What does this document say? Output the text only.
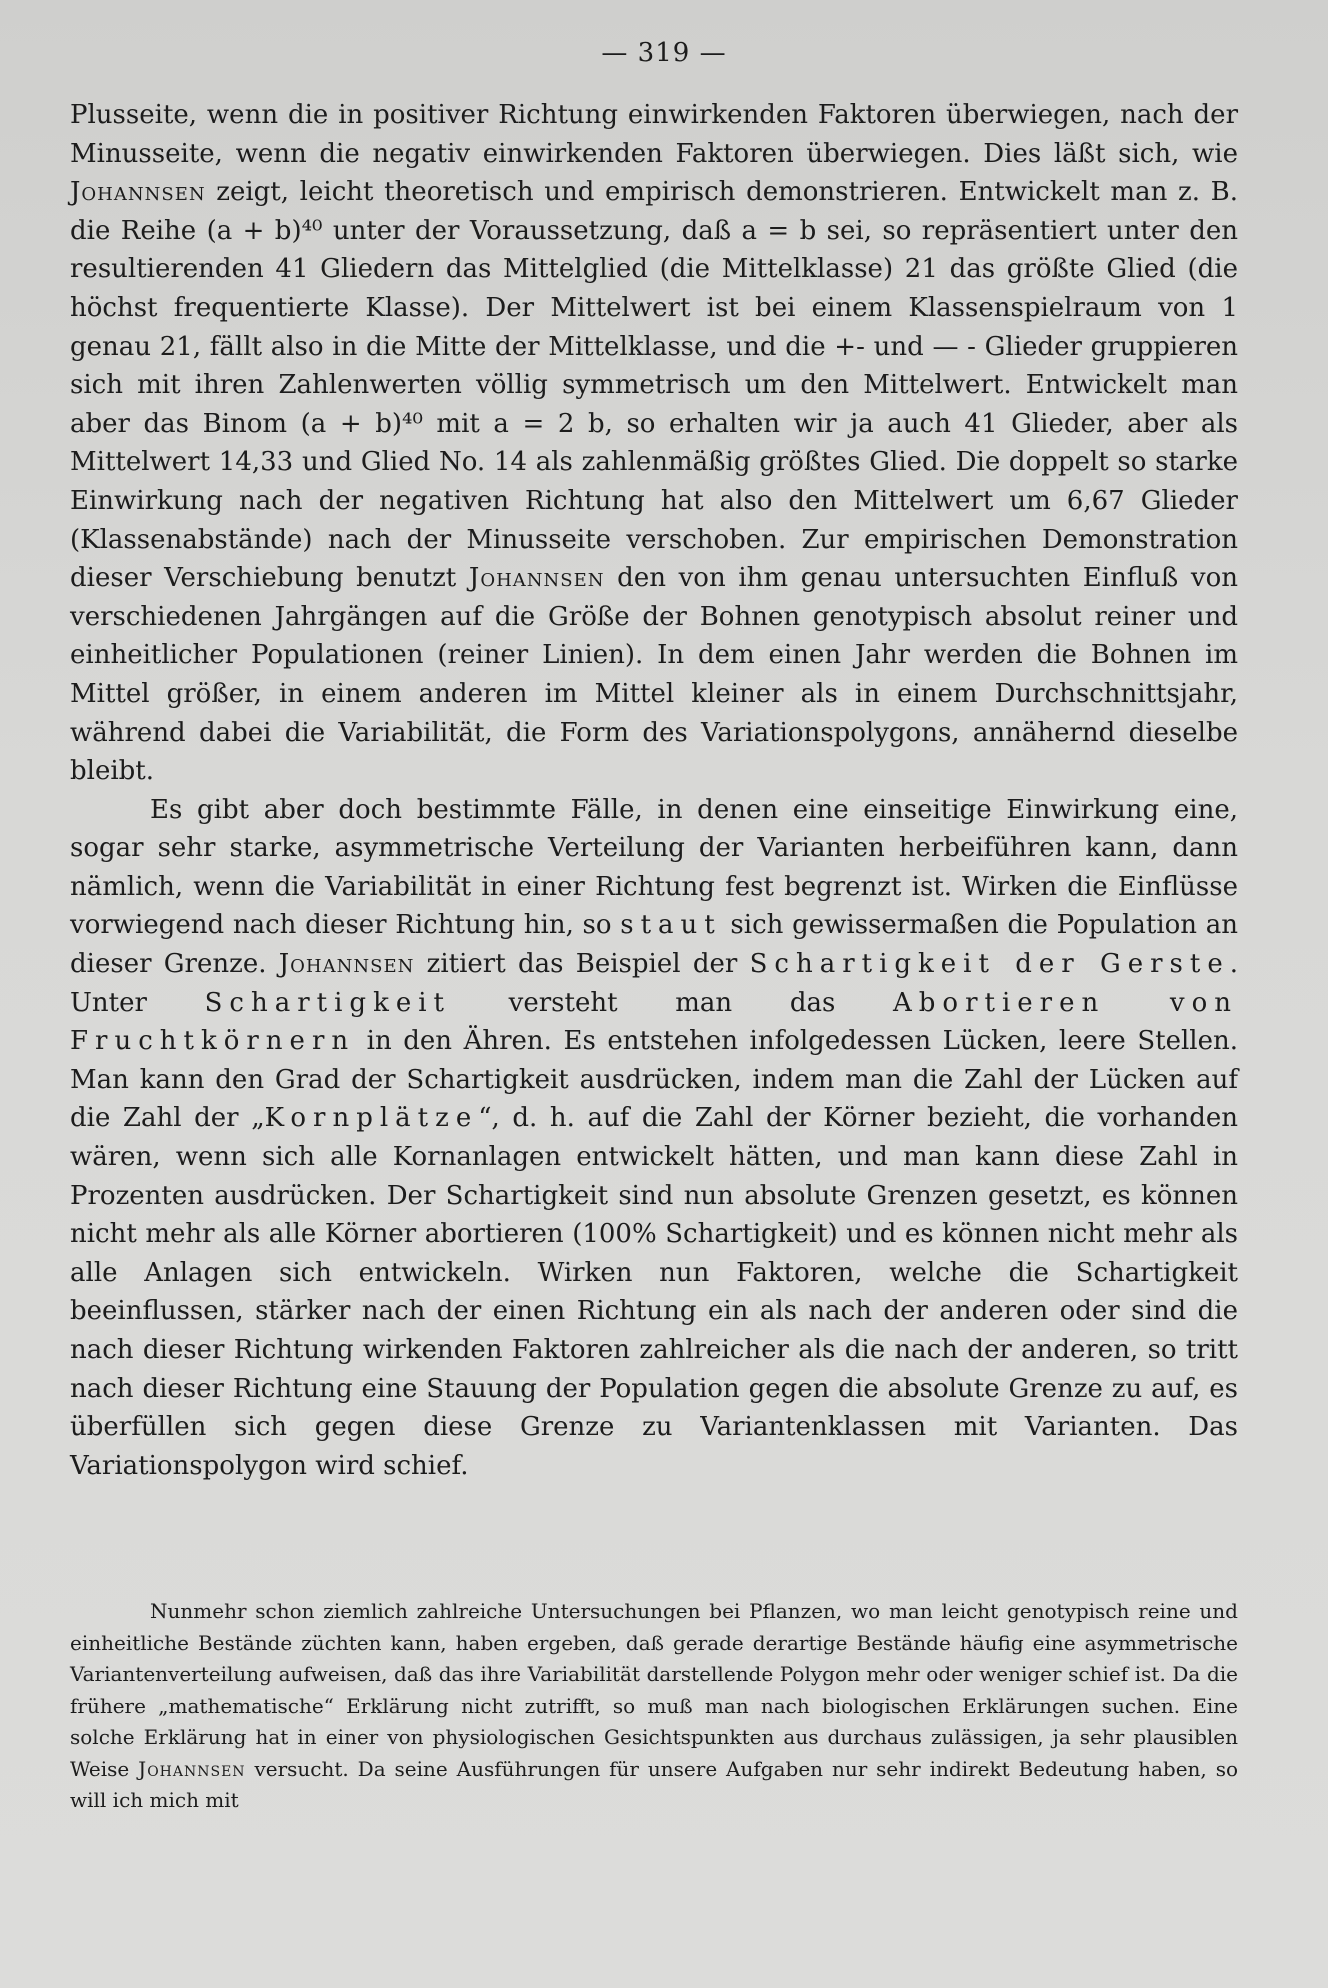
— 319 —

Plusseite, wenn die in positiver Richtung einwirkenden Faktoren überwiegen, nach der Minusseite, wenn die negativ einwirkenden Faktoren überwiegen. Dies läßt sich, wie Johannsen zeigt, leicht theoretisch und empirisch demonstrieren. Entwickelt man z. B. die Reihe (a + b)⁴⁰ unter der Voraussetzung, daß a = b sei, so repräsentiert unter den resultierenden 41 Gliedern das Mittelglied (die Mittelklasse) 21 das größte Glied (die höchst frequentierte Klasse). Der Mittelwert ist bei einem Klassenspielraum von 1 genau 21, fällt also in die Mitte der Mittelklasse, und die +- und — - Glieder gruppieren sich mit ihren Zahlenwerten völlig symmetrisch um den Mittelwert. Entwickelt man aber das Binom (a + b)⁴⁰ mit a = 2 b, so erhalten wir ja auch 41 Glieder, aber als Mittelwert 14,33 und Glied No. 14 als zahlenmäßig größtes Glied. Die doppelt so starke Einwirkung nach der negativen Richtung hat also den Mittelwert um 6,67 Glieder (Klassenabstände) nach der Minusseite verschoben. Zur empirischen Demonstration dieser Verschiebung benutzt Johannsen den von ihm genau untersuchten Einfluß von verschiedenen Jahrgängen auf die Größe der Bohnen genotypisch absolut reiner und einheitlicher Populationen (reiner Linien). In dem einen Jahr werden die Bohnen im Mittel größer, in einem anderen im Mittel kleiner als in einem Durchschnittsjahr, während dabei die Variabilität, die Form des Variationspolygons, annähernd dieselbe bleibt.

Es gibt aber doch bestimmte Fälle, in denen eine einseitige Einwirkung eine, sogar sehr starke, asymmetrische Verteilung der Varianten herbeiführen kann, dann nämlich, wenn die Variabilität in einer Richtung fest begrenzt ist. Wirken die Einflüsse vorwiegend nach dieser Richtung hin, so staut sich gewissermaßen die Population an dieser Grenze. Johannsen zitiert das Beispiel der Schartigkeit der Gerste. Unter Schartigkeit versteht man das Abortieren von Fruchtkörnern in den Ähren. Es entstehen infolgedessen Lücken, leere Stellen. Man kann den Grad der Schartigkeit ausdrücken, indem man die Zahl der Lücken auf die Zahl der „Kornplätze“, d. h. auf die Zahl der Körner bezieht, die vorhanden wären, wenn sich alle Kornanlagen entwickelt hätten, und man kann diese Zahl in Prozenten ausdrücken. Der Schartigkeit sind nun absolute Grenzen gesetzt, es können nicht mehr als alle Körner abortieren (100% Schartigkeit) und es können nicht mehr als alle Anlagen sich entwickeln. Wirken nun Faktoren, welche die Schartigkeit beeinflussen, stärker nach der einen Richtung ein als nach der anderen oder sind die nach dieser Richtung wirkenden Faktoren zahlreicher als die nach der anderen, so tritt nach dieser Richtung eine Stauung der Population gegen die absolute Grenze zu auf, es überfüllen sich gegen diese Grenze zu Variantenklassen mit Varianten. Das Variationspolygon wird schief.

Nunmehr schon ziemlich zahlreiche Untersuchungen bei Pflanzen, wo man leicht genotypisch reine und einheitliche Bestände züchten kann, haben ergeben, daß gerade derartige Bestände häufig eine asymmetrische Variantenverteilung aufweisen, daß das ihre Variabilität darstellende Polygon mehr oder weniger schief ist. Da die frühere „mathematische“ Erklärung nicht zutrifft, so muß man nach biologischen Erklärungen suchen. Eine solche Erklärung hat in einer von physiologischen Gesichtspunkten aus durchaus zulässigen, ja sehr plausiblen Weise Johannsen versucht. Da seine Ausführungen für unsere Aufgaben nur sehr indirekt Bedeutung haben, so will ich mich mit
